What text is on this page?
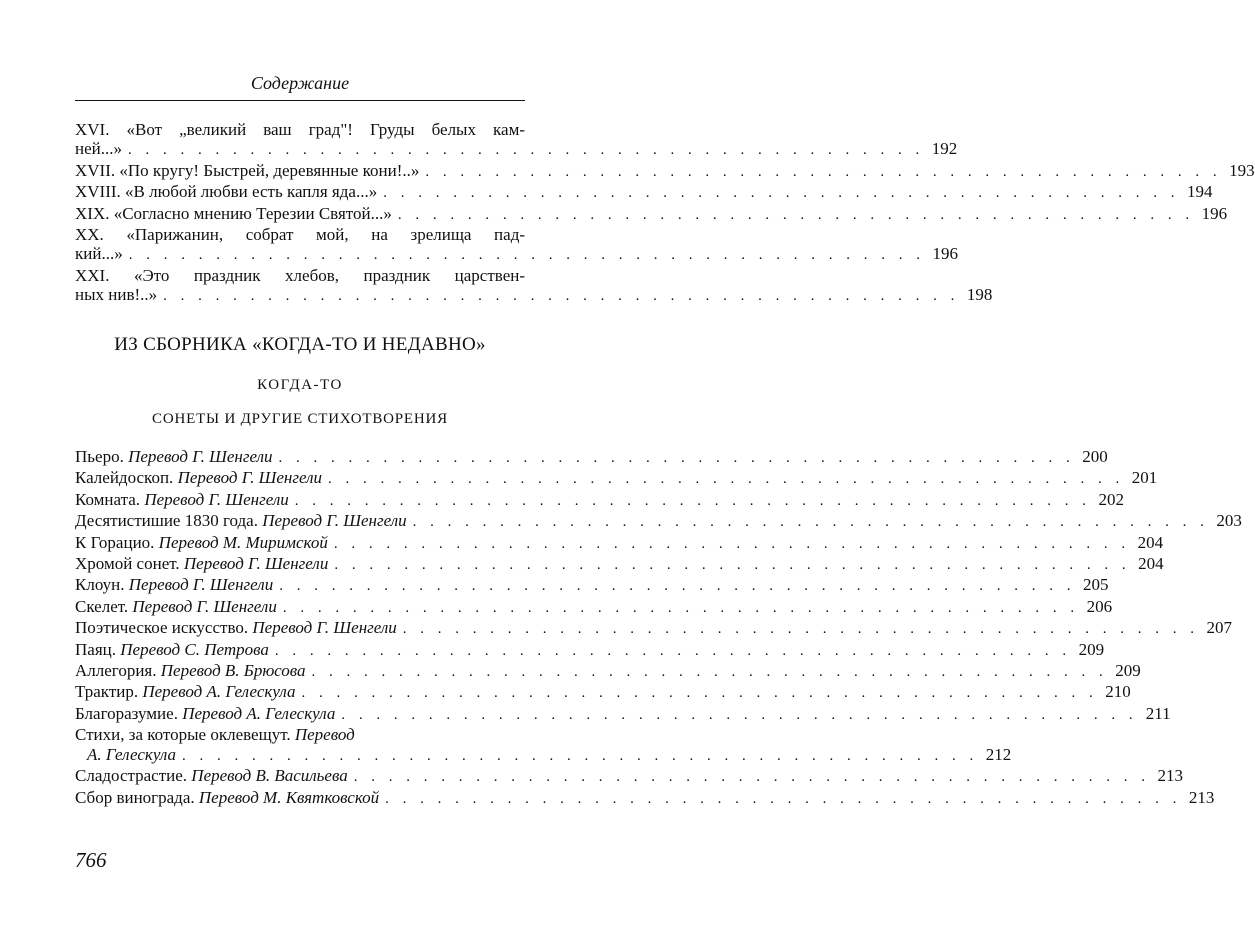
Содержание
XVI. «Вот „великий ваш град"! Груды белых кам-
ней...» . . . . . . . . . . . . . . . . . . . . . . . . . . . . . . . . . . . . . . . . . . . . . . 192
XVII. «По кругу! Быстрей, деревянные кони!..» . . . . . . . . . . . . . . . . . . . . . . . . . . . . . . . . . . . . . . . . . . . . . . 193
XVIII. «В любой любви есть капля яда...» . . . . . . . . . . . . . . . . . . . . . . . . . . . . . . . . . . . . . . . . . . . . . . 194
XIX. «Согласно мнению Терезии Святой...» . . . . . . . . . . . . . . . . . . . . . . . . . . . . . . . . . . . . . . . . . . . . . . 196
XX. «Парижанин, собрат мой, на зрелища пад-
кий...» . . . . . . . . . . . . . . . . . . . . . . . . . . . . . . . . . . . . . . . . . . . . . . 196
XXI. «Это праздник хлебов, праздник царствен-
ных нив!..» . . . . . . . . . . . . . . . . . . . . . . . . . . . . . . . . . . . . . . . . . . . . . . 198
ИЗ СБОРНИКА «КОГДА-ТО И НЕДАВНО»
КОГДА-ТО
СОНЕТЫ И ДРУГИЕ СТИХОТВОРЕНИЯ
Пьеро. Перевод Г. Шенгели . . . . . . . . . . . . . . . . . . . . . . . . . . . . . . . . . . . . . . . . . . . . . . 200
Калейдоскоп. Перевод Г. Шенгели . . . . . . . . . . . . . . . . . . . . . . . . . . . . . . . . . . . . . . . . . . . . . . 201
Комната. Перевод Г. Шенгели . . . . . . . . . . . . . . . . . . . . . . . . . . . . . . . . . . . . . . . . . . . . . . 202
Десятистишие 1830 года. Перевод Г. Шенгели . . . . . . . . . . . . . . . . . . . . . . . . . . . . . . . . . . . . . . . . . . . . . . 203
К Горацио. Перевод М. Миримской . . . . . . . . . . . . . . . . . . . . . . . . . . . . . . . . . . . . . . . . . . . . . . 204
Хромой сонет. Перевод Г. Шенгели . . . . . . . . . . . . . . . . . . . . . . . . . . . . . . . . . . . . . . . . . . . . . . 204
Клоун. Перевод Г. Шенгели . . . . . . . . . . . . . . . . . . . . . . . . . . . . . . . . . . . . . . . . . . . . . . 205
Скелет. Перевод Г. Шенгели . . . . . . . . . . . . . . . . . . . . . . . . . . . . . . . . . . . . . . . . . . . . . . 206
Поэтическое искусство. Перевод Г. Шенгели . . . . . . . . . . . . . . . . . . . . . . . . . . . . . . . . . . . . . . . . . . . . . . 207
Паяц. Перевод С. Петрова . . . . . . . . . . . . . . . . . . . . . . . . . . . . . . . . . . . . . . . . . . . . . . 209
Аллегория. Перевод В. Брюсова . . . . . . . . . . . . . . . . . . . . . . . . . . . . . . . . . . . . . . . . . . . . . . 209
Трактир. Перевод А. Гелескула . . . . . . . . . . . . . . . . . . . . . . . . . . . . . . . . . . . . . . . . . . . . . . 210
Благоразумие. Перевод А. Гелескула . . . . . . . . . . . . . . . . . . . . . . . . . . . . . . . . . . . . . . . . . . . . . . 211
Стихи, за которые оклевещут.
Перевод
А. Гелескула . . . . . . . . . . . . . . . . . . . . . . . . . . . . . . . . . . . . . . . . . . . . . . 212
Сладострастие. Перевод В. Васильева . . . . . . . . . . . . . . . . . . . . . . . . . . . . . . . . . . . . . . . . . . . . . . 213
Сбор винограда. Перевод М. Квятковской . . . . . . . . . . . . . . . . . . . . . . . . . . . . . . . . . . . . . . . . . . . . . . 213
766
